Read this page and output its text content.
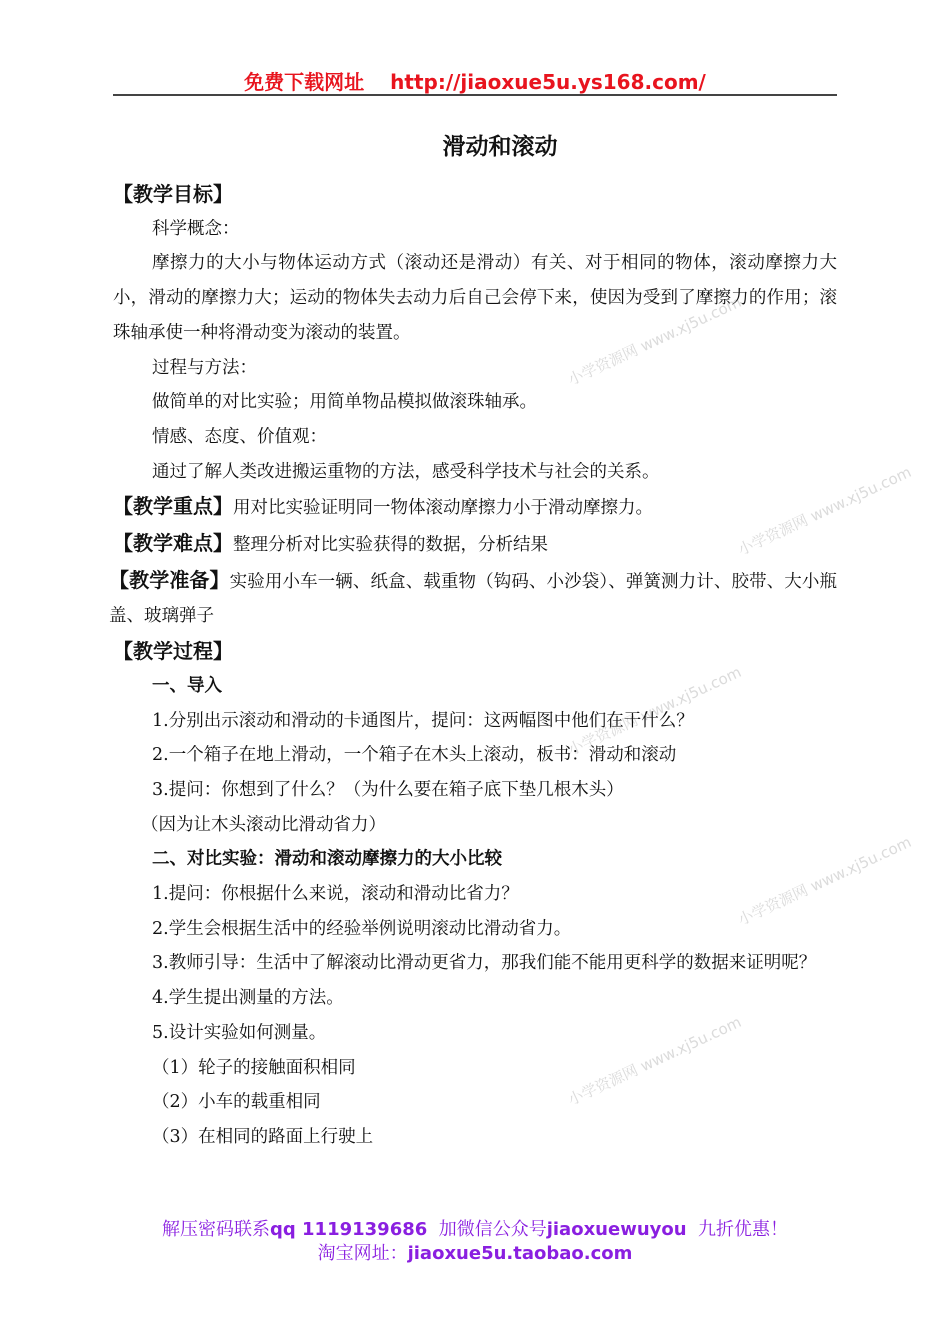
免费下载网址 http://jiaoxue5u.ys168.com/
滑动和滚动
小学资源网 www.xj5u.com
小学资源网 www.xj5u.com
小学资源网 www.xj5u.com
小学资源网 www.xj5u.com
小学资源网 www.xj5u.com

【教学目标】

科学概念：

摩擦力的大小与物体运动方式（滚动还是滑动）有关、对于相同的物体，滚动摩擦力大小，滑动的摩擦力大；运动的物体失去动力后自己会停下来，使因为受到了摩擦力的作用；滚珠轴承使一种将滑动变为滚动的装置。

过程与方法：

做简单的对比实验；用简单物品模拟做滚珠轴承。

情感、态度、价值观：

通过了解人类改进搬运重物的方法，感受科学技术与社会的关系。

【教学重点】用对比实验证明同一物体滚动摩擦力小于滑动摩擦力。

【教学难点】整理分析对比实验获得的数据，分析结果

【教学准备】实验用小车一辆、纸盒、载重物（钩码、小沙袋）、弹簧测力计、胶带、大小瓶盖、玻璃弹子

【教学过程】

一、导入

1.分别出示滚动和滑动的卡通图片，提问：这两幅图中他们在干什么？

2.一个箱子在地上滑动，一个箱子在木头上滚动，板书：滑动和滚动

3.提问：你想到了什么？（为什么要在箱子底下垫几根木头）

（因为让木头滚动比滑动省力）

二、对比实验：滑动和滚动摩擦力的大小比较

1.提问：你根据什么来说，滚动和滑动比省力？

2.学生会根据生活中的经验举例说明滚动比滑动省力。

3.教师引导：生活中了解滚动比滑动更省力，那我们能不能用更科学的数据来证明呢？

4.学生提出测量的方法。

5.设计实验如何测量。

（1）轮子的接触面积相同

（2）小车的载重相同

（3）在相同的路面上行驶上

解压密码联系qq 1119139686 加微信公众号jiaoxuewuyou 九折优惠！
淘宝网址：jiaoxue5u.taobao.com
